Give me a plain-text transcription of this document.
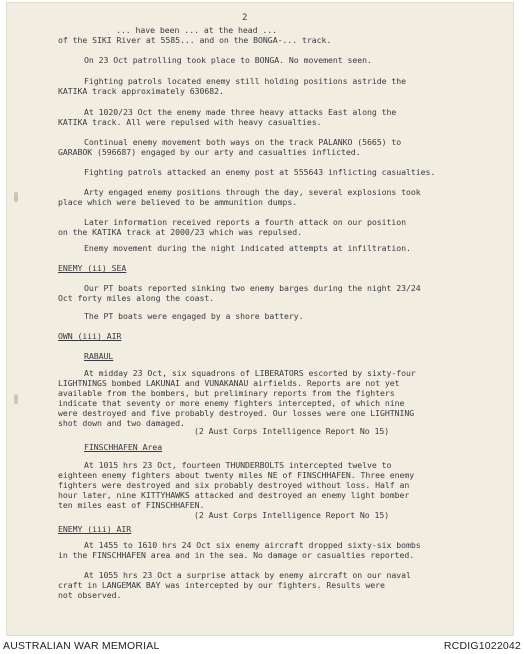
2
... have been ... at the head ...
of the SIKI River at 5585... and on the BONGA-... track.
On 23 Oct patrolling took place to BONGA. No movement seen.
Fighting patrols located enemy still holding positions astride the
KATIKA track approximately 630682.
At 1020/23 Oct the enemy made three heavy attacks East along the
KATIKA track. All were repulsed with heavy casualties.
Continual enemy movement both ways on the track PALANKO (5665) to
GARABOK (596687) engaged by our arty and casualties inflicted.
Fighting patrols attacked an enemy post at 555643 inflicting casualties.
Arty engaged enemy positions through the day, several explosions took
place which were believed to be ammunition dumps.
Later information received reports a fourth attack on our position
on the KATIKA track at 2000/23 which was repulsed.
Enemy movement during the night indicated attempts at infiltration.
ENEMY (ii) SEA
Our PT boats reported sinking two enemy barges during the night 23/24
Oct forty miles along the coast.
The PT boats were engaged by a shore battery.
OWN (iii) AIR
RABAUL
At midday 23 Oct, six squadrons of LIBERATORS escorted by sixty-four
LIGHTNINGS bombed LAKUNAI and VUNAKANAU airfields. Reports are not yet
available from the bombers, but preliminary reports from the fighters
indicate that seventy or more enemy fighters intercepted, of which nine
were destroyed and five probably destroyed. Our losses were one LIGHTNING
shot down and two damaged.
(2 Aust Corps Intelligence Report No 15)
FINSCHHAFEN Area
At 1015 hrs 23 Oct, fourteen THUNDERBOLTS intercepted twelve to
eighteen enemy fighters about twenty miles NE of FINSCHHAFEN. Three enemy
fighters were destroyed and six probably destroyed without loss. Half an
hour later, nine KITTYHAWKS attacked and destroyed an enemy light bomber
ten miles east of FINSCHHAFEN.
(2 Aust Corps Intelligence Report No 15)
ENEMY (iii) AIR
At 1455 to 1610 hrs 24 Oct six enemy aircraft dropped sixty-six bombs
in the FINSCHHAFEN area and in the sea. No damage or casualties reported.
At 1055 hrs 23 Oct a surprise attack by enemy aircraft on our naval
craft in LANGEMAK BAY was intercepted by our fighters. Results were
not observed.
AUSTRALIAN WAR MEMORIAL	RCDIG1022042
